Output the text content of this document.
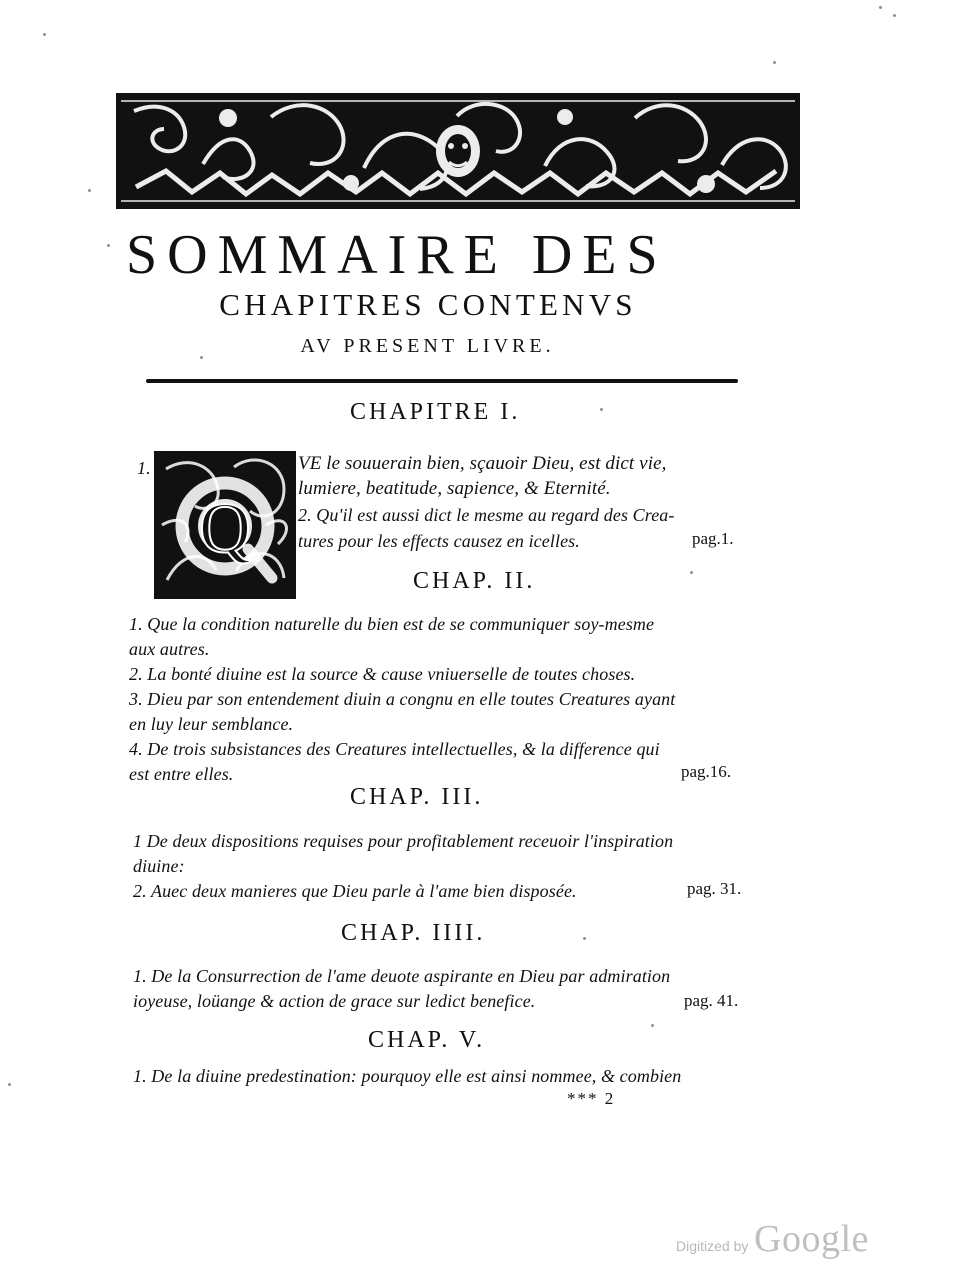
SOMMAIRE DES
CHAPITRES CONTENVS
AV PRESENT LIVRE.
CHAPITRE I.
Q
1.	VE le souuerain bien, sçauoir Dieu, est dict vie,
lumiere, beatitude, sapience, & Eternité.
2. Qu'il est aussi dict le mesme au regard des Crea-
tures pour les effects causez en icelles.	pag.1.
CHAP. II.
1. Que la condition naturelle du bien est de se communiquer soy-mesme
aux autres.
2. La bonté diuine est la source & cause vniuerselle de toutes choses.
3. Dieu par son entendement diuin a congnu en elle toutes Creatures ayant
en luy leur semblance.
4. De trois subsistances des Creatures intellectuelles, & la difference qui
est entre elles.	pag.16.
CHAP. III.
1 De deux dispositions requises pour profitablement receuoir l'inspiration
diuine:
2. Auec deux manieres que Dieu parle à l'ame bien disposée.	pag. 31.
CHAP. IIII.
1. De la Consurrection de l'ame deuote aspirante en Dieu par admiration
ioyeuse, loüange & action de grace sur ledict benefice.	pag. 41.
CHAP. V.
1. De la diuine predestination: pourquoy elle est ainsi nommee, & combien
*** 2
Digitized by Google
